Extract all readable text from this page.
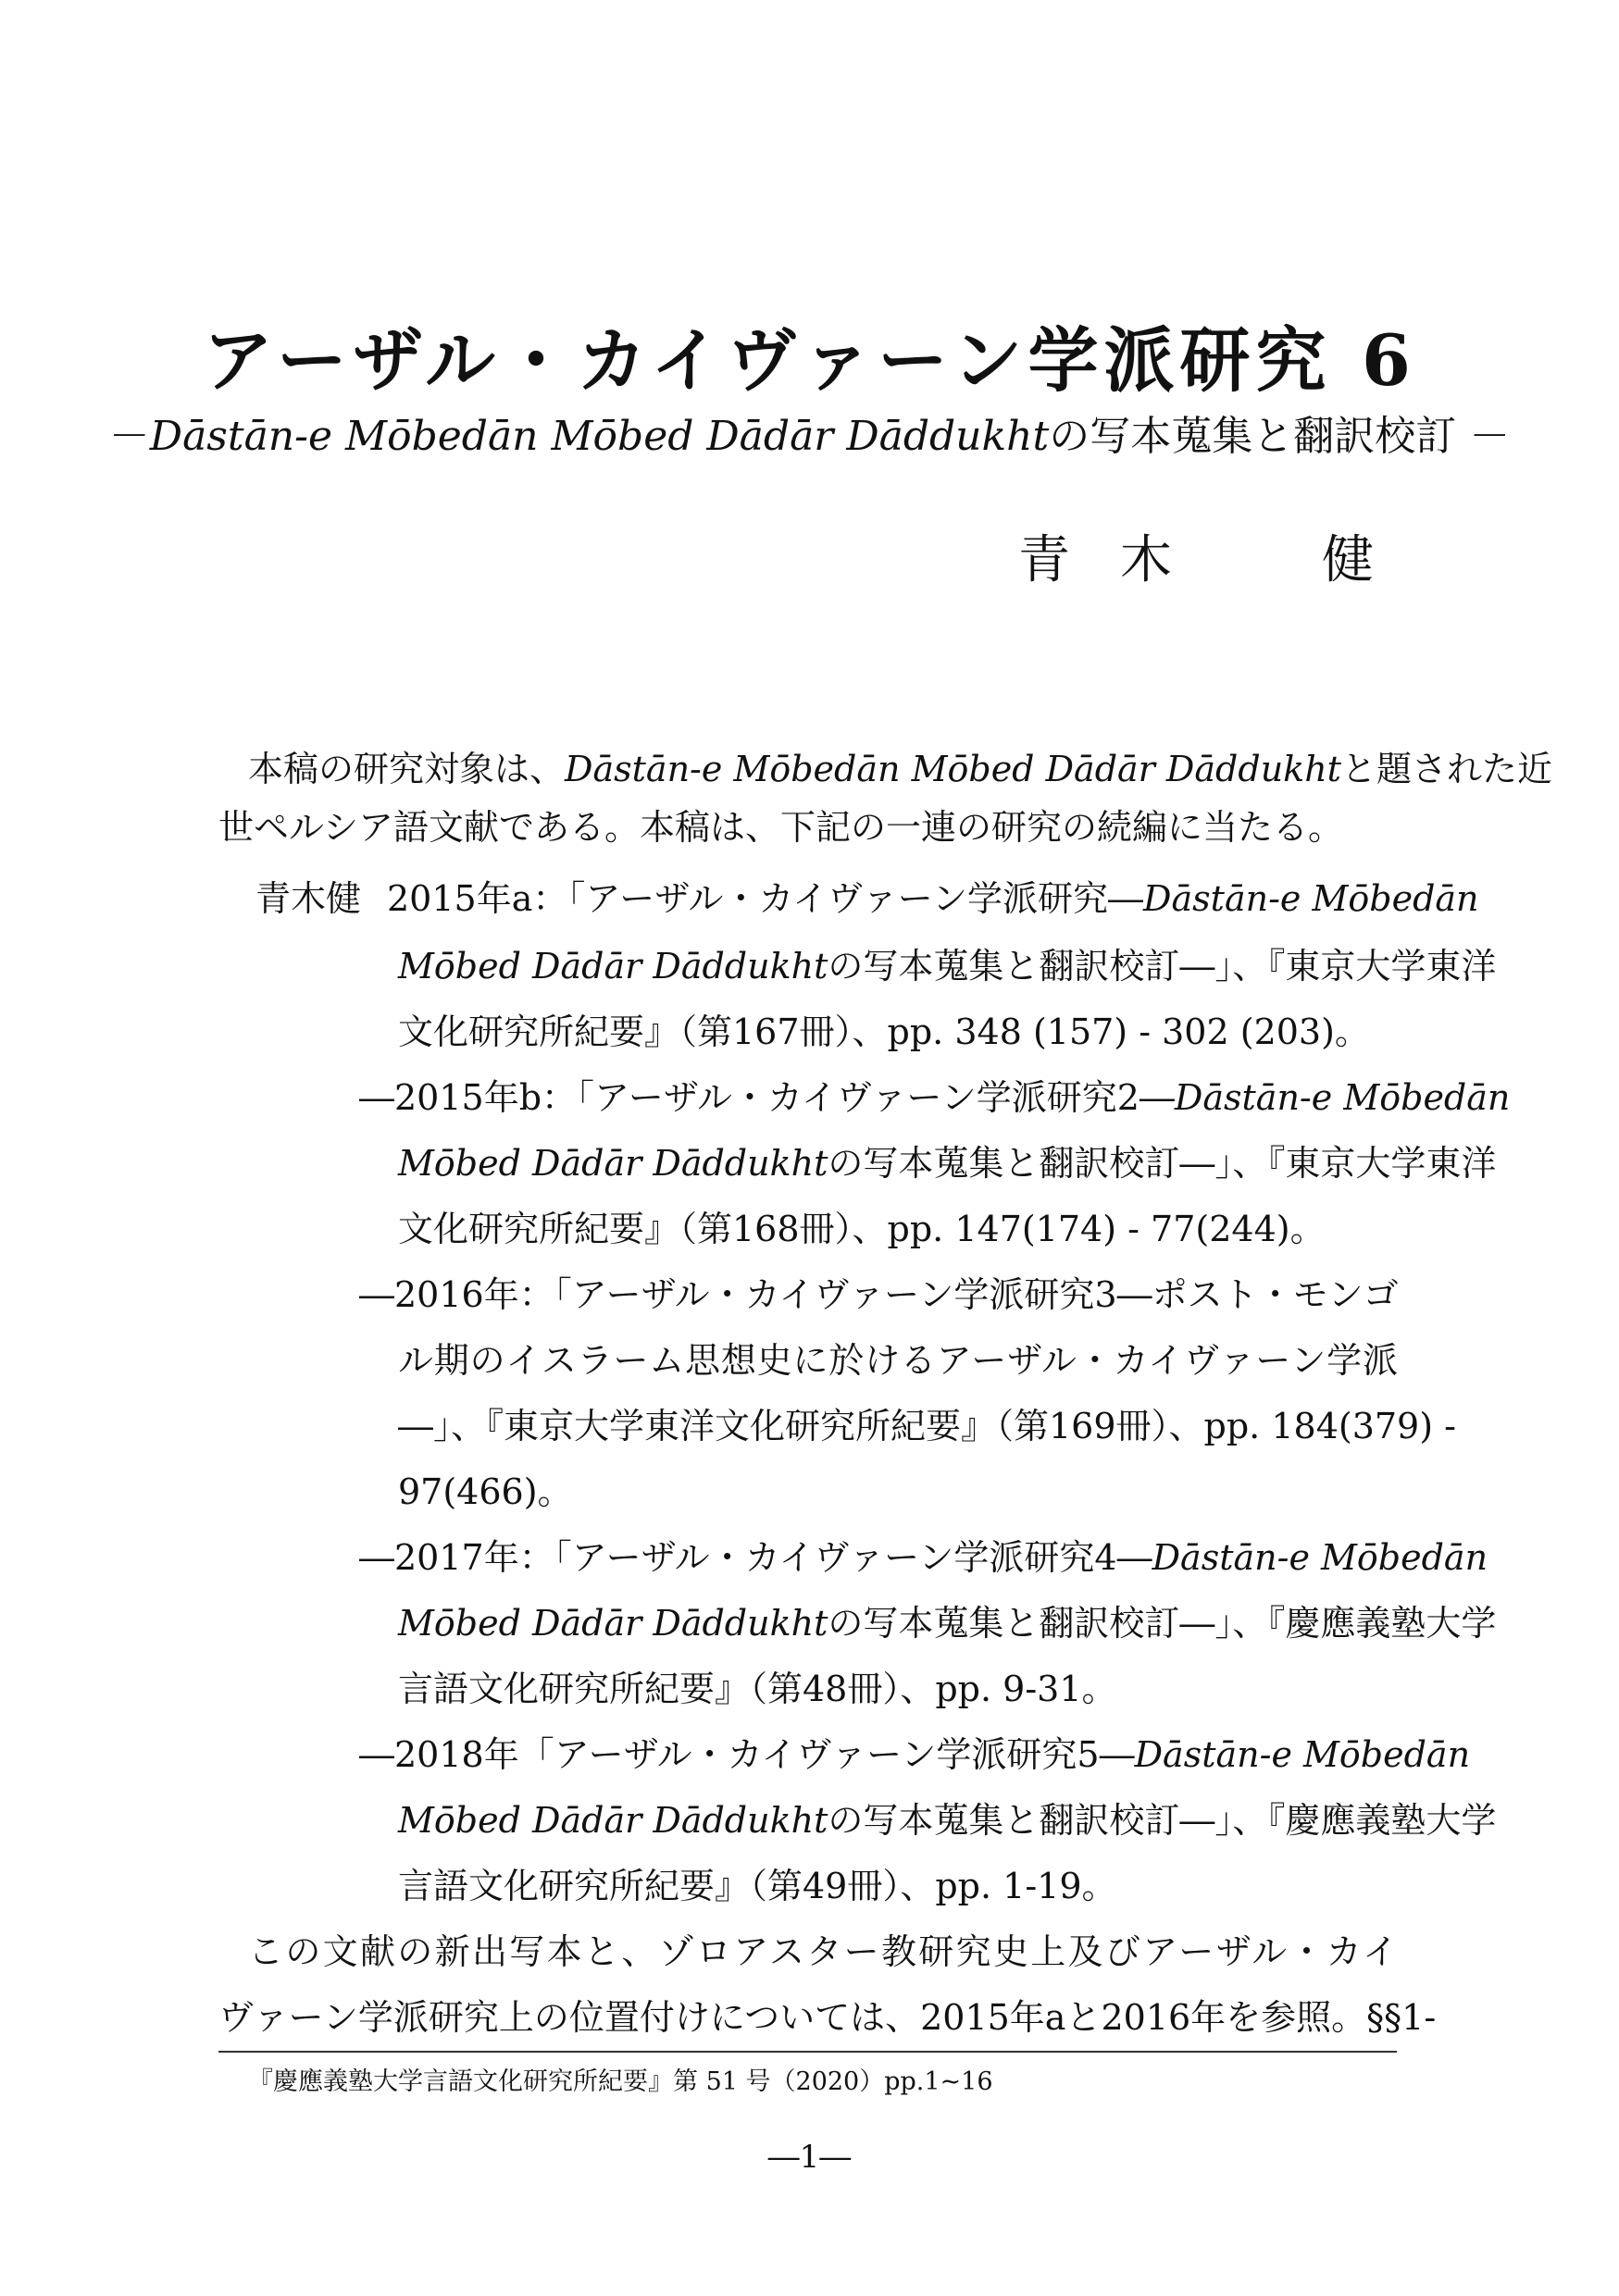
アーザル・カイヴァーン学派研究 6
－Dāstān-e Mōbedān Mōbed Dādār Dāddukhtの写本蒐集と翻訳校訂 －
青 木	健
本稿の研究対象は、Dāstān-e Mōbedān Mōbed Dādār Dāddukhtと題された近
世ペルシア語文献である。本稿は、下記の一連の研究の続編に当たる。
青木健 2015年a：「アーザル・カイヴァーン学派研究―Dāstān-e Mōbedān
Mōbed Dādār Dāddukhtの写本蒐集と翻訳校訂―」、『東京大学東洋
文化研究所紀要』（第167冊）、pp. 348 (157) - 302 (203)。
―2015年b：「アーザル・カイヴァーン学派研究2―Dāstān-e Mōbedān
Mōbed Dādār Dāddukhtの写本蒐集と翻訳校訂―」、『東京大学東洋
文化研究所紀要』（第168冊）、pp. 147(174) - 77(244)。
―2016年：「アーザル・カイヴァーン学派研究3―ポスト・モンゴ
ル期のイスラーム思想史に於けるアーザル・カイヴァーン学派
―」、『東京大学東洋文化研究所紀要』（第169冊）、pp. 184(379) -
97(466)。
―2017年：「アーザル・カイヴァーン学派研究4―Dāstān-e Mōbedān
Mōbed Dādār Dāddukhtの写本蒐集と翻訳校訂―」、『慶應義塾大学
言語文化研究所紀要』（第48冊）、pp. 9-31。
―2018年「アーザル・カイヴァーン学派研究5―Dāstān-e Mōbedān
Mōbed Dādār Dāddukhtの写本蒐集と翻訳校訂―」、『慶應義塾大学
言語文化研究所紀要』（第49冊）、pp. 1-19。
この文献の新出写本と、ゾロアスター教研究史上及びアーザル・カイ
ヴァーン学派研究上の位置付けについては、2015年aと2016年を参照。§§1-
『慶應義塾大学言語文化研究所紀要』第 51 号（2020）pp.1~16
―1―
